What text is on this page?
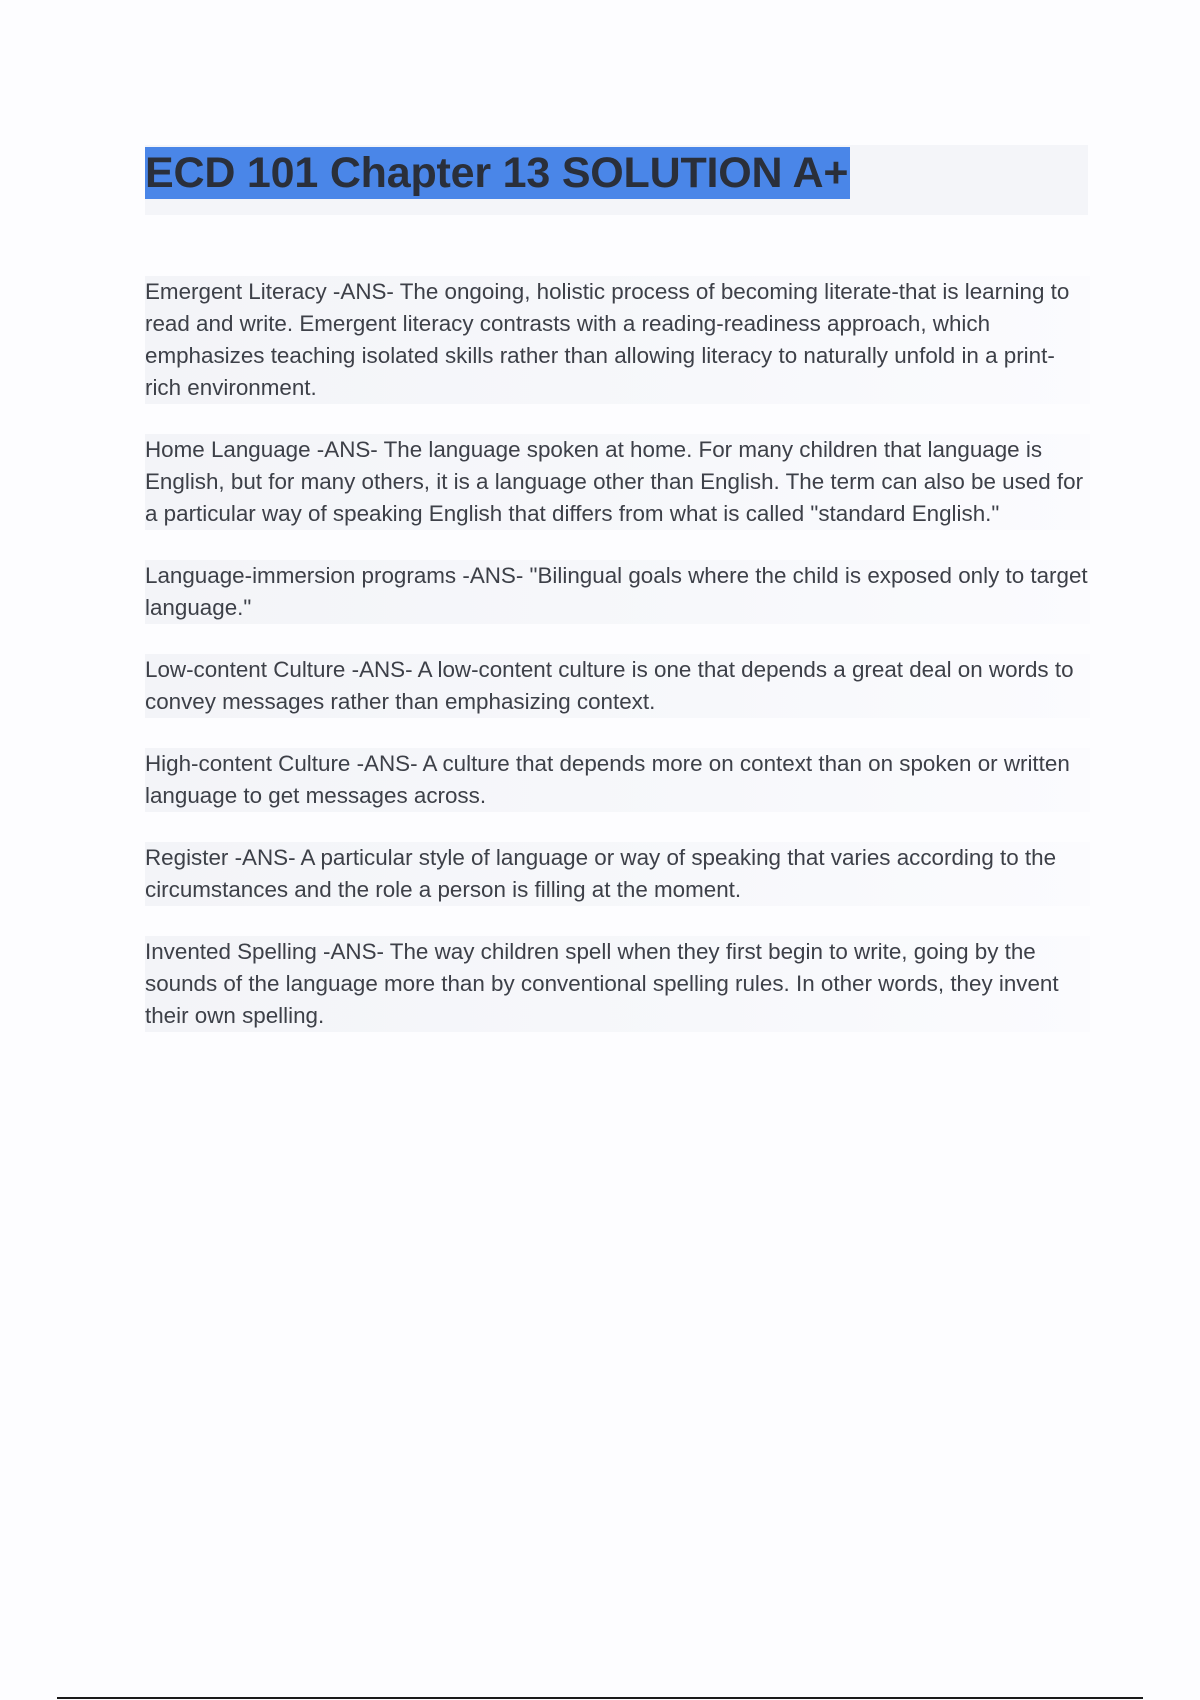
ECD 101 Chapter 13 SOLUTION A+

Emergent Literacy -ANS- The ongoing, holistic process of becoming literate-that is learning to read and write. Emergent literacy contrasts with a reading-readiness approach, which emphasizes teaching isolated skills rather than allowing literacy to naturally unfold in a print-rich environment.

Home Language -ANS- The language spoken at home. For many children that language is English, but for many others, it is a language other than English. The term can also be used for a particular way of speaking English that differs from what is called "standard English."

Language-immersion programs -ANS- "Bilingual goals where the child is exposed only to target language."

Low-content Culture -ANS- A low-content culture is one that depends a great deal on words to convey messages rather than emphasizing context.

High-content Culture -ANS- A culture that depends more on context than on spoken or written language to get messages across.

Register -ANS- A particular style of language or way of speaking that varies according to the circumstances and the role a person is filling at the moment.

Invented Spelling -ANS- The way children spell when they first begin to write, going by the sounds of the language more than by conventional spelling rules. In other words, they invent their own spelling.
